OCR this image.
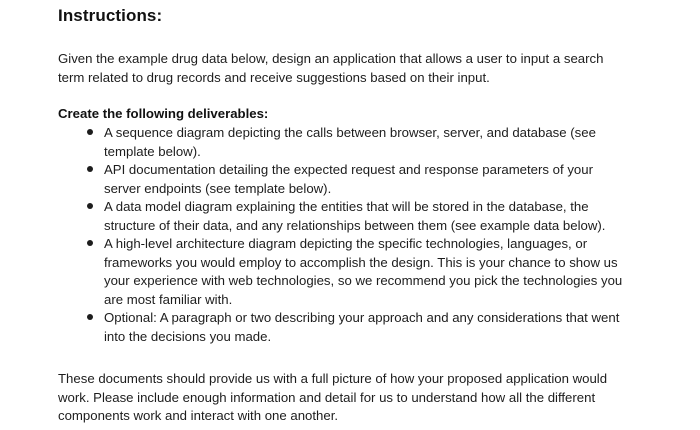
Instructions:
Given the example drug data below, design an application that allows a user to input a search
term related to drug records and receive suggestions based on their input.
Create the following deliverables:
A sequence diagram depicting the calls between browser, server, and database (see
template below).
API documentation detailing the expected request and response parameters of your
server endpoints (see template below).
A data model diagram explaining the entities that will be stored in the database, the
structure of their data, and any relationships between them (see example data below).
A high-level architecture diagram depicting the specific technologies, languages, or
frameworks you would employ to accomplish the design. This is your chance to show us
your experience with web technologies, so we recommend you pick the technologies you
are most familiar with.
Optional: A paragraph or two describing your approach and any considerations that went
into the decisions you made.
These documents should provide us with a full picture of how your proposed application would
work. Please include enough information and detail for us to understand how all the different
components work and interact with one another.
